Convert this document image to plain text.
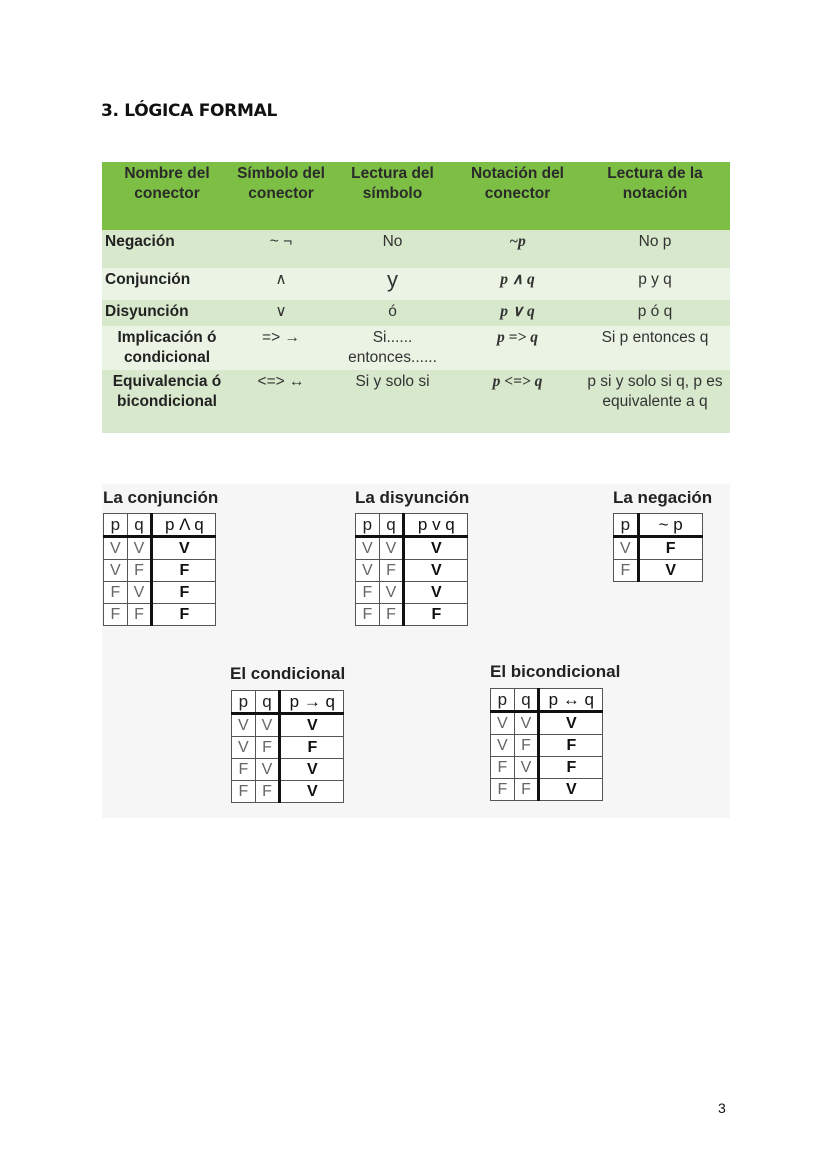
3. LÓGICA FORMAL
Nombre del conector	Símbolo del conector	Lectura del símbolo	Notación del conector	Lectura de la notación
Negación	~ ¬	No	~p	No p
Conjunción	∧	y	p ∧ q	p y q
Disyunción	∨	ó	p ∨ q	p ó q
Implicación ó condicional	=> →	Si...... entonces......	p => q	Si p entonces q
Equivalencia ó bicondicional	<=> ↔	Si y solo si	p <=> q	p si y solo si q, p es equivalente a q
La conjunción
p	q	p Λ q
V	V	V
V	F	F
F	V	F
F	F	F
La disyunción
p	q	p v q
V	V	V
V	F	V
F	V	V
F	F	F
La negación
p	~ p
V	F
F	V
El condicional
p	q	p → q
V	V	V
V	F	F
F	V	V
F	F	V
El bicondicional
p	q	p ↔ q
V	V	V
V	F	F
F	V	F
F	F	V
3
